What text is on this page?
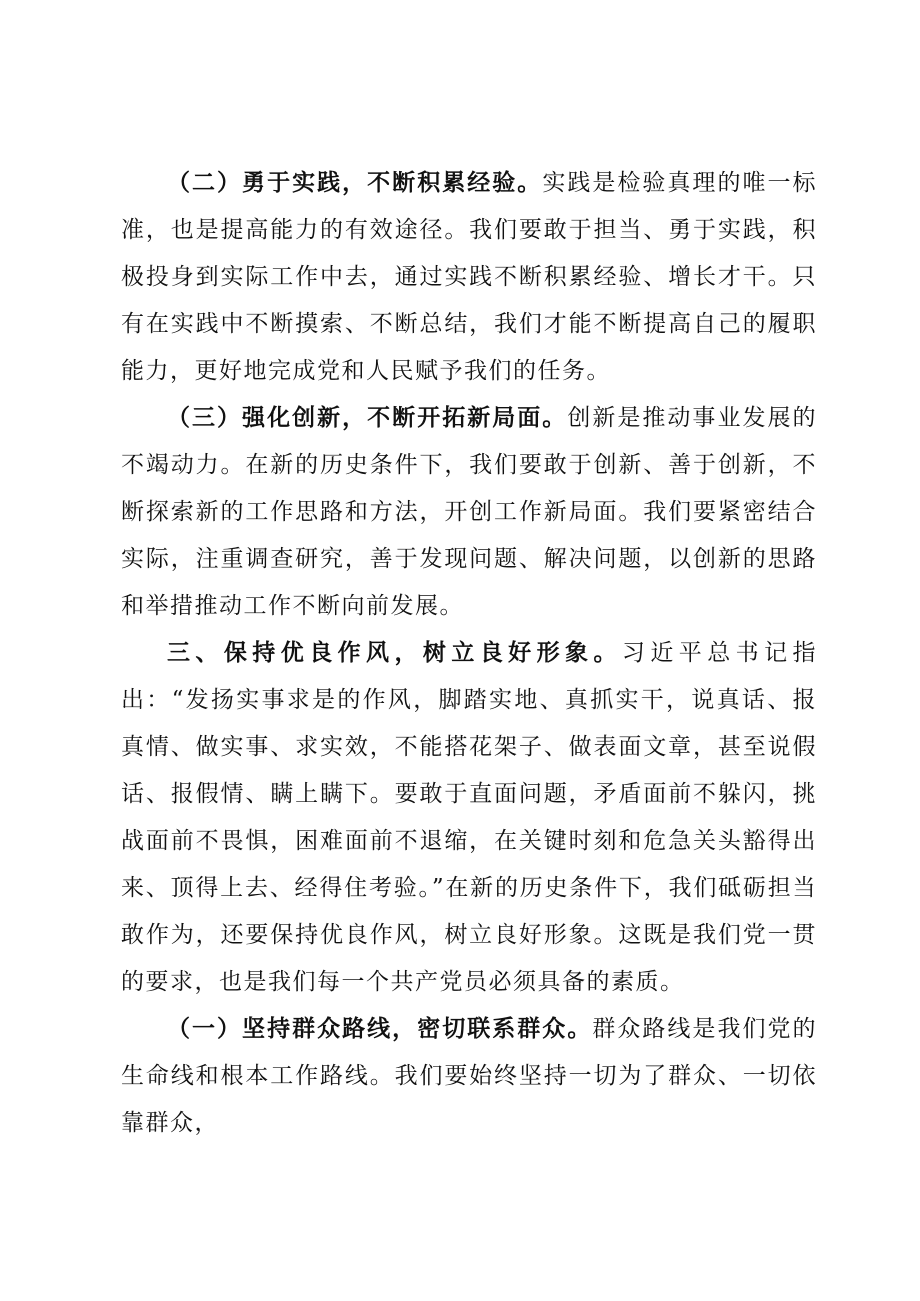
（二）勇于实践，不断积累经验。实践是检验真理的唯一标准，也是提高能力的有效途径。我们要敢于担当、勇于实践，积极投身到实际工作中去，通过实践不断积累经验、增长才干。只有在实践中不断摸索、不断总结，我们才能不断提高自己的履职能力，更好地完成党和人民赋予我们的任务。

（三）强化创新，不断开拓新局面。创新是推动事业发展的不竭动力。在新的历史条件下，我们要敢于创新、善于创新，不断探索新的工作思路和方法，开创工作新局面。我们要紧密结合实际，注重调查研究，善于发现问题、解决问题，以创新的思路和举措推动工作不断向前发展。

三、保持优良作风，树立良好形象。习近平总书记指出：“发扬实事求是的作风，脚踏实地、真抓实干，说真话、报真情、做实事、求实效，不能搭花架子、做表面文章，甚至说假话、报假情、瞒上瞒下。要敢于直面问题，矛盾面前不躲闪，挑战面前不畏惧，困难面前不退缩，在关键时刻和危急关头豁得出来、顶得上去、经得住考验。”在新的历史条件下，我们砥砺担当敢作为，还要保持优良作风，树立良好形象。这既是我们党一贯的要求，也是我们每一个共产党员必须具备的素质。

（一）坚持群众路线，密切联系群众。群众路线是我们党的生命线和根本工作路线。我们要始终坚持一切为了群众、一切依靠群众，
